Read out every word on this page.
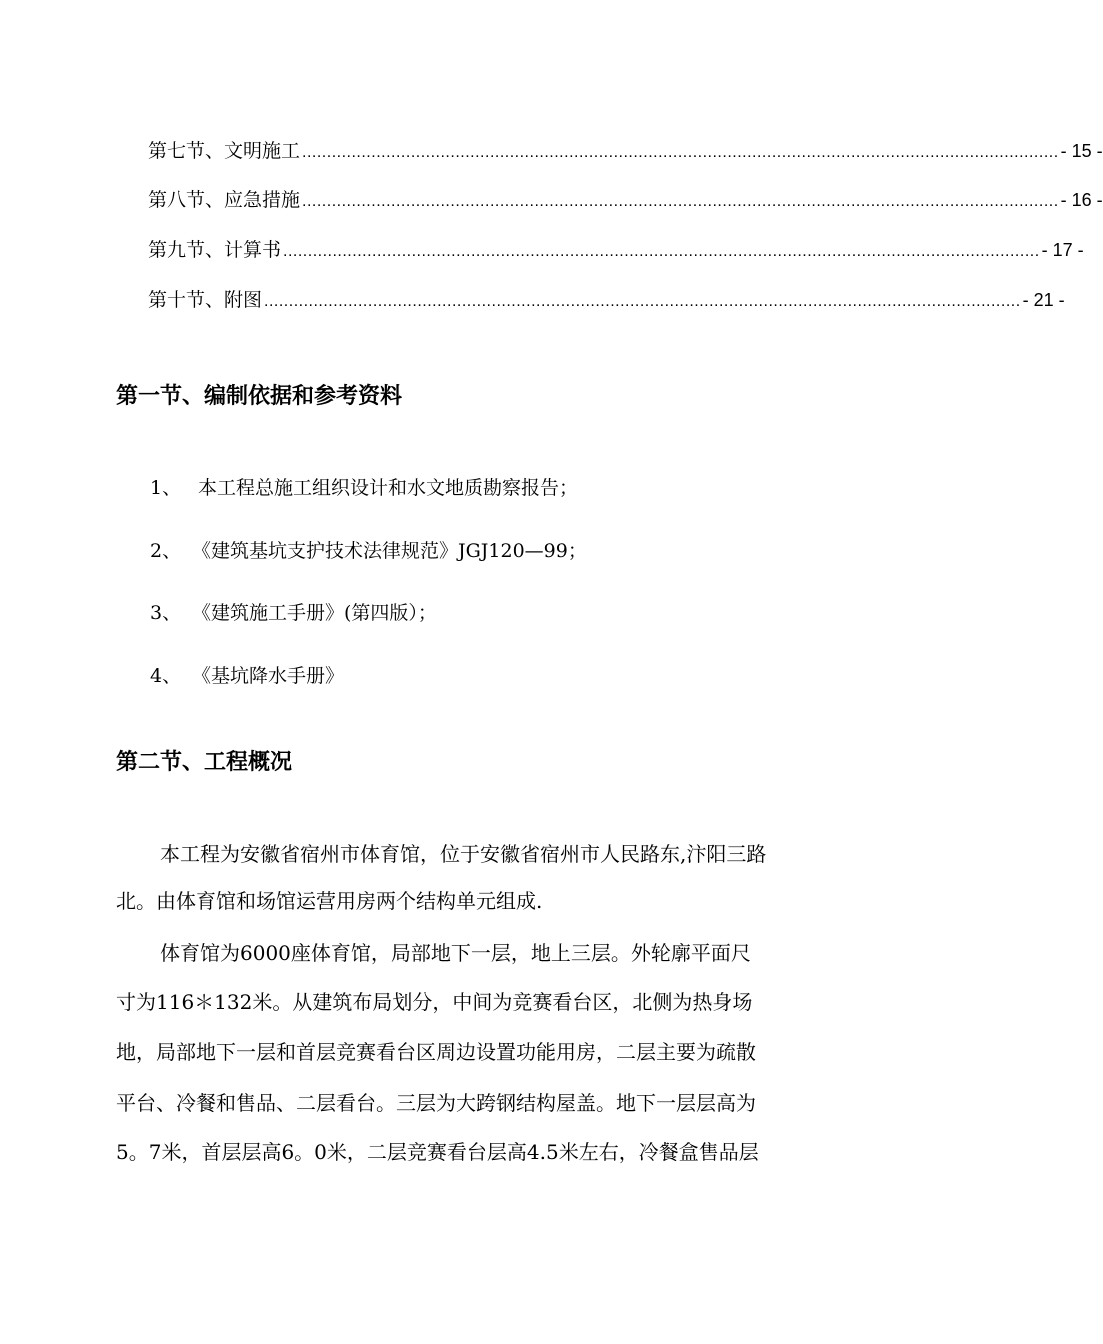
第七节、文明施工 ......................................................................................................................................................... - 15 -
第八节、应急措施 ......................................................................................................................................................... - 16 -
第九节、计算书 ......................................................................................................................................................... - 17 -
第十节、附图 ......................................................................................................................................................... - 21 -
第一节、编制依据和参考资料
1、 本工程总施工组织设计和水文地质勘察报告；
2、 《建筑基坑支护技术法律规范》JGJ120—99；
3、 《建筑施工手册》(第四版）；
4、 《基坑降水手册》
第二节、工程概况
本工程为安徽省宿州市体育馆，位于安徽省宿州市人民路东,汴阳三路
北。由体育馆和场馆运营用房两个结构单元组成.
体育馆为6000座体育馆，局部地下一层，地上三层。外轮廓平面尺
寸为116＊132米。从建筑布局划分，中间为竞赛看台区，北侧为热身场
地，局部地下一层和首层竞赛看台区周边设置功能用房，二层主要为疏散
平台、冷餐和售品、二层看台。三层为大跨钢结构屋盖。地下一层层高为
5。7米，首层层高6。0米，二层竞赛看台层高4.5米左右，冷餐盒售品层
